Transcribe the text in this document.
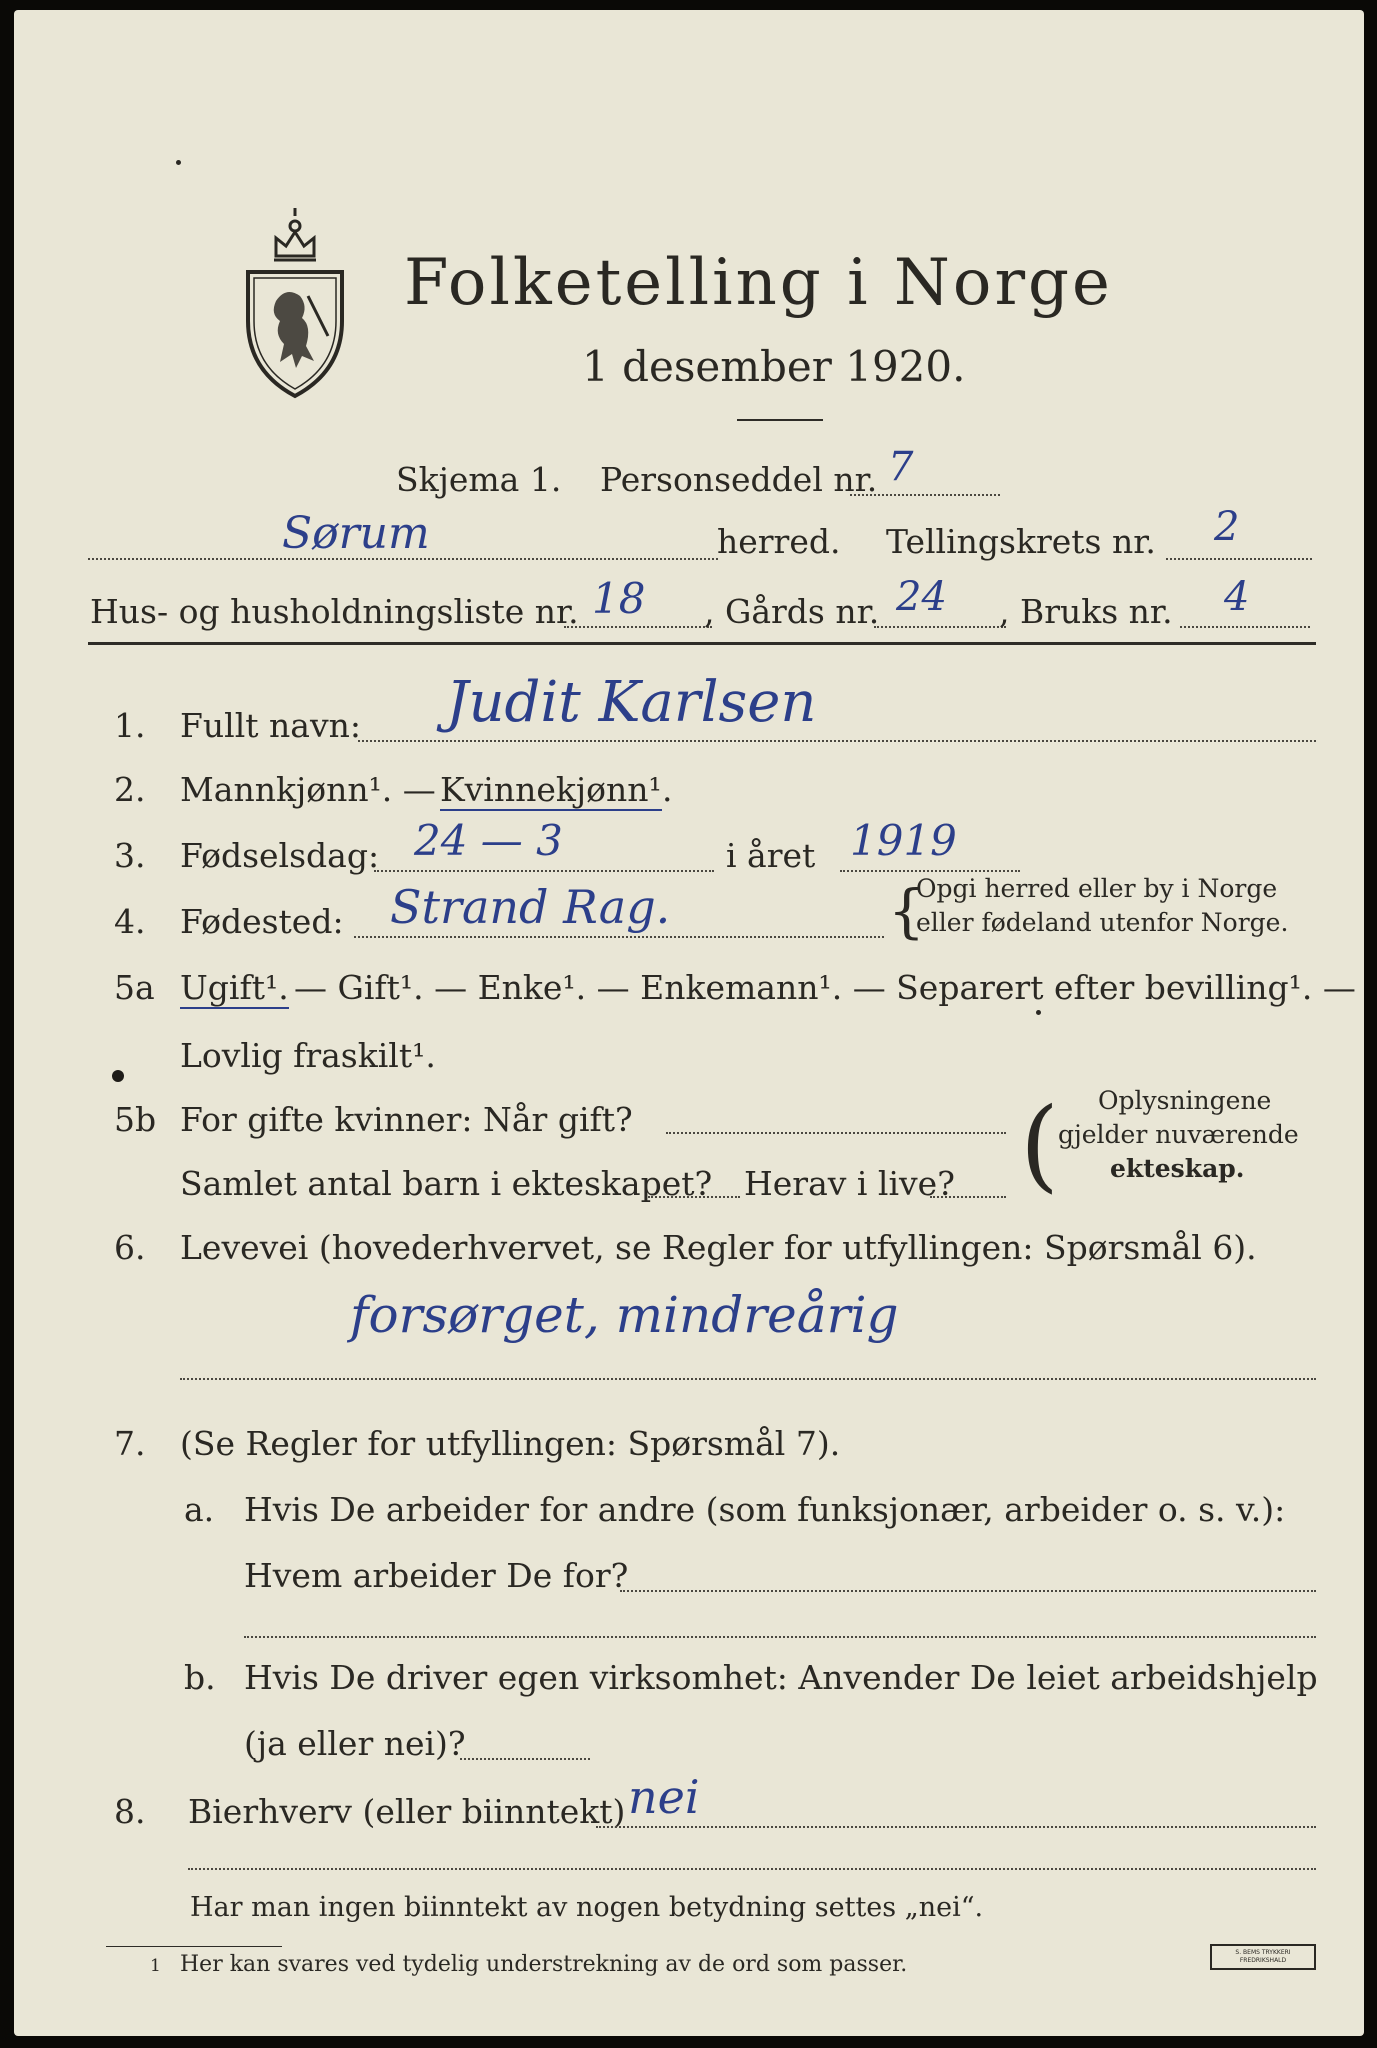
Folketelling i Norge
1 desember 1920.
Skjema 1. Personseddel nr. 7
Sørum	herred. Tellingskrets nr. 2
Hus- og husholdningsliste nr. 18 , Gårds nr. 24 , Bruks nr. 4
1. Fullt navn: Judit Karlsen
2. Mannkjønn¹. — Kvinnekjønn¹ .
3. Fødselsdag: 24 — 3	i året 1919
4. Fødested: Strand Rag.	{
Opgi herred eller by i Norge
eller fødeland utenfor Norge.
5a Ugift¹. — Gift¹. — Enke¹. — Enkemann¹. — Separert efter bevilling¹. —
Lovlig fraskilt¹.
5b For gifte kvinner: Når gift?
Samlet antal barn i ekteskapet? Herav i live? ( Oplysningene
gjelder nuværende
ekteskap.
6. Levevei (hovederhvervet, se Regler for utfyllingen: Spørsmål 6).
forsørget, mindreårig
7. (Se Regler for utfyllingen: Spørsmål 7).
a. Hvis De arbeider for andre (som funksjonær, arbeider o. s. v.):
Hvem arbeider De for?
b. Hvis De driver egen virksomhet: Anvender De leiet arbeidshjelp
(ja eller nei)?
8. Bierhverv (eller biinntekt) nei
Har man ingen biinntekt av nogen betydning settes „nei“.
1 Her kan svares ved tydelig understrekning av de ord som passer.	S. BEMS TRYKKERI FREDRIKSHALD
